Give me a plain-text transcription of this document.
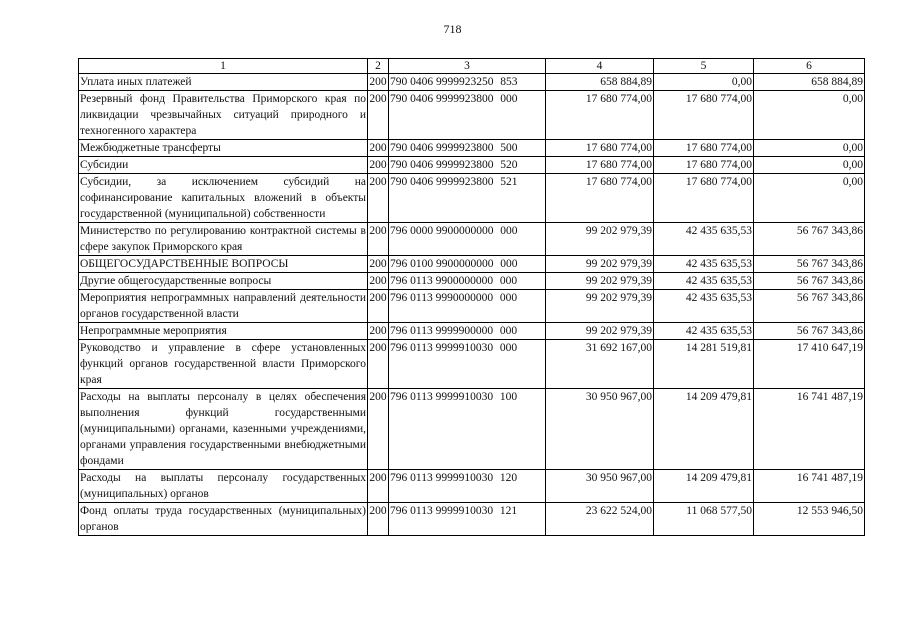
718
1	2	3	4	5	6
Уплата иных платежей	200	790 0406 9999923250 853	658 884,89	0,00	658 884,89
Резервный фонд Правительства Приморского края по ликвидации чрезвычайных ситуаций природного и техногенного характера	200	790 0406 9999923800 000	17 680 774,00	17 680 774,00	0,00
Межбюджетные трансферты	200	790 0406 9999923800 500	17 680 774,00	17 680 774,00	0,00
Субсидии	200	790 0406 9999923800 520	17 680 774,00	17 680 774,00	0,00
Субсидии, за исключением субсидий на софинансирование капитальных вложений в объекты государственной (муниципальной) собственности	200	790 0406 9999923800 521	17 680 774,00	17 680 774,00	0,00
Министерство по регулированию контрактной системы в сфере закупок Приморского края	200	796 0000 9900000000 000	99 202 979,39	42 435 635,53	56 767 343,86
ОБЩЕГОСУДАРСТВЕННЫЕ ВОПРОСЫ	200	796 0100 9900000000 000	99 202 979,39	42 435 635,53	56 767 343,86
Другие общегосударственные вопросы	200	796 0113 9900000000 000	99 202 979,39	42 435 635,53	56 767 343,86
Мероприятия непрограммных направлений деятельности органов государственной власти	200	796 0113 9990000000 000	99 202 979,39	42 435 635,53	56 767 343,86
Непрограммные мероприятия	200	796 0113 9999900000 000	99 202 979,39	42 435 635,53	56 767 343,86
Руководство и управление в сфере установленных функций органов государственной власти Приморского края	200	796 0113 9999910030 000	31 692 167,00	14 281 519,81	17 410 647,19
Расходы на выплаты персоналу в целях обеспечения выполнения функций государственными (муниципальными) органами, казенными учреждениями, органами управления государственными внебюджетными фондами	200	796 0113 9999910030 100	30 950 967,00	14 209 479,81	16 741 487,19
Расходы на выплаты персоналу государственных (муниципальных) органов	200	796 0113 9999910030 120	30 950 967,00	14 209 479,81	16 741 487,19
Фонд оплаты труда государственных (муниципальных) органов	200	796 0113 9999910030 121	23 622 524,00	11 068 577,50	12 553 946,50
